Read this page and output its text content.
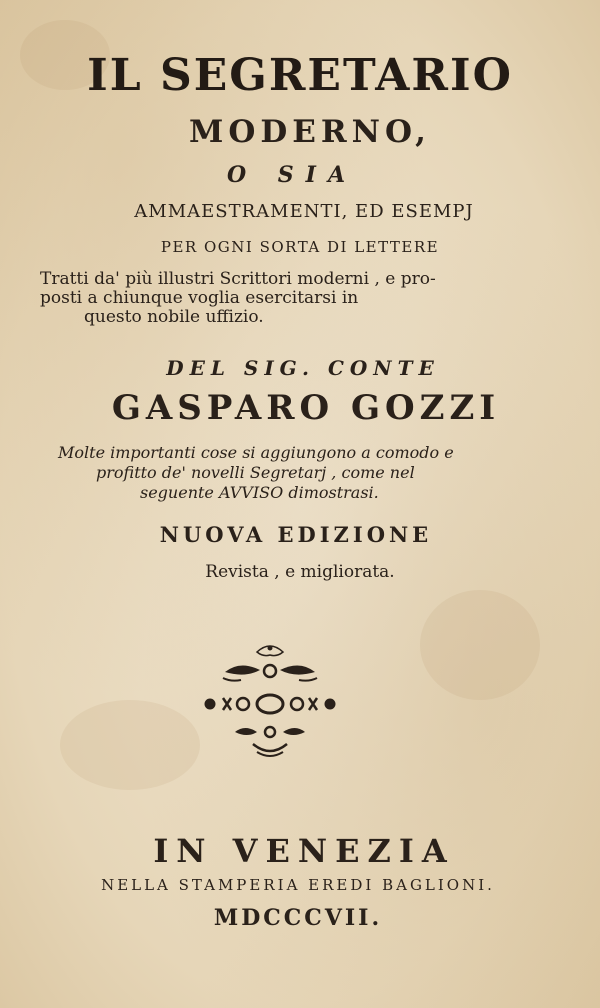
IL SEGRETARIO

MODERNO,

O SIA

AMMAESTRAMENTI, ED ESEMPJ

PER OGNI SORTA DI LETTERE

Tratti da' più illustri Scrittori moderni , e pro-
posti a chiunque voglia esercitarsi in
questo nobile uffizio.

DEL SIG. CONTE

GASPARO GOZZI

Molte importanti cose si aggiungono a comodo e
profitto de' novelli Segretarj , come nel
seguente AVVISO dimostrasi.

NUOVA EDIZIONE

Revista , e migliorata.

IN VENEZIA

NELLA STAMPERIA EREDI BAGLIONI.

MDCCCVII.
